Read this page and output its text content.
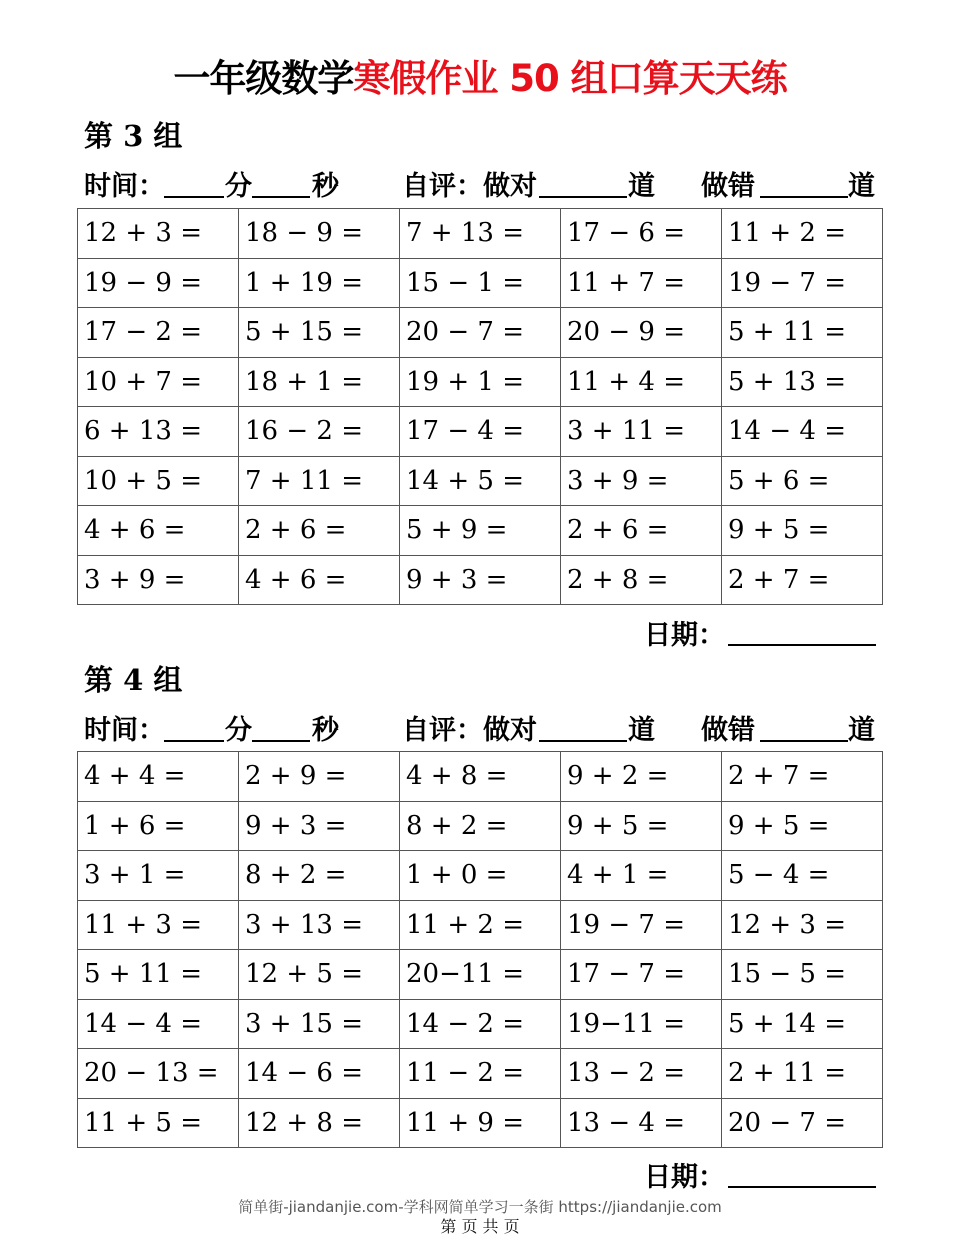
一年级数学寒假作业 50 组口算天天练
第 3 组
时间： 分 秒 自评：做对	道 做错	道
12 + 3 =	18 − 9 =	7 + 13 =	17 − 6 =	11 + 2 =
19 − 9 =	1 + 19 =	15 − 1 =	11 + 7 =	19 − 7 =
17 − 2 =	5 + 15 =	20 − 7 =	20 − 9 =	5 + 11 =
10 + 7 =	18 + 1 =	19 + 1 =	11 + 4 =	5 + 13 =
6 + 13 =	16 − 2 =	17 − 4 =	3 + 11 =	14 − 4 =
10 + 5 =	7 + 11 =	14 + 5 =	3 + 9 =	5 + 6 =
4 + 6 =	2 + 6 =	5 + 9 =	2 + 6 =	9 + 5 =
3 + 9 =	4 + 6 =	9 + 3 =	2 + 8 =	2 + 7 =
日期：
第 4 组
时间： 分 秒 自评：做对	道 做错	道
4 + 4 =	2 + 9 =	4 + 8 =	9 + 2 =	2 + 7 =
1 + 6 =	9 + 3 =	8 + 2 =	9 + 5 =	9 + 5 =
3 + 1 =	8 + 2 =	1 + 0 =	4 + 1 =	5 − 4 =
11 + 3 =	3 + 13 =	11 + 2 =	19 − 7 =	12 + 3 =
5 + 11 =	12 + 5 =	20−11 =	17 − 7 =	15 − 5 =
14 − 4 =	3 + 15 =	14 − 2 =	19−11 =	5 + 14 =
20 − 13 =	14 − 6 =	11 − 2 =	13 − 2 =	2 + 11 =
11 + 5 =	12 + 8 =	11 + 9 =	13 − 4 =	20 − 7 =
日期：
简单街-jiandanjie.com-学科网简单学习一条街 https://jiandanjie.com
第 页 共 页
